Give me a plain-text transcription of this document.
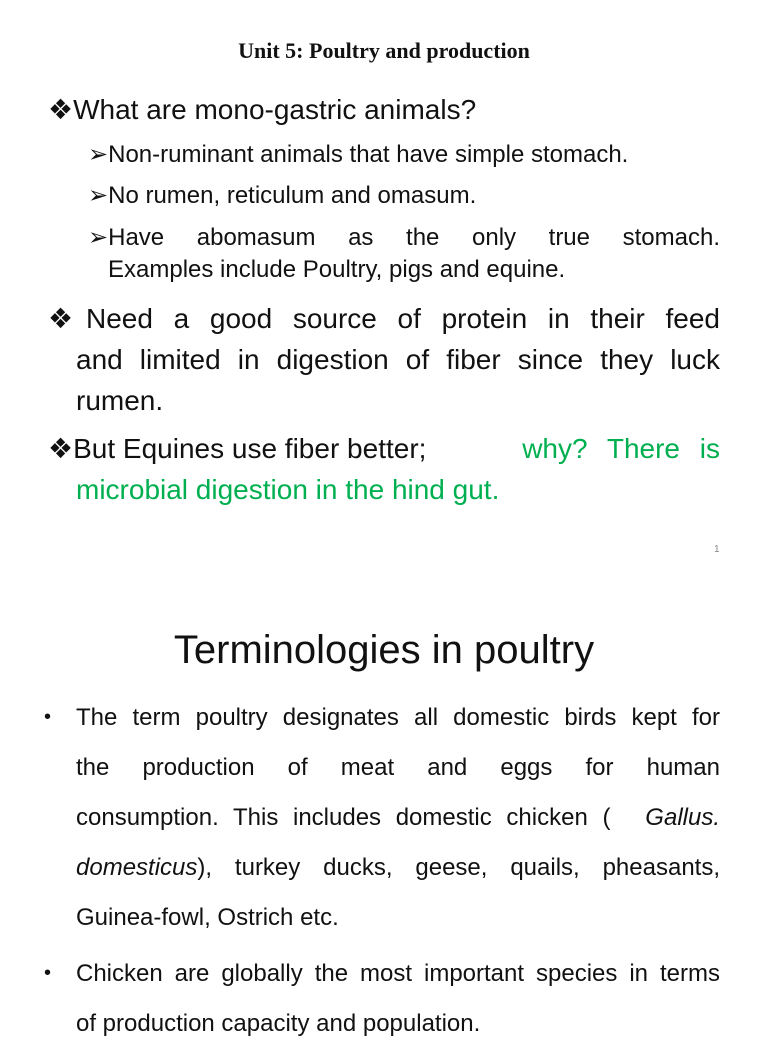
Unit 5: Poultry and production
❖What are mono-gastric animals?
➢Non-ruminant animals that have simple stomach.
➢No rumen, reticulum and omasum.
➢Have abomasum as the only true stomach.
Examples include Poultry, pigs and equine.
❖Need a good source of protein in their feed
and limited in digestion of fiber since they luck
rumen.
❖But Equines use fiber better;	why? There is
microbial digestion in the hind gut.
1
Terminologies in poultry
• The term poultry designates all domestic birds kept for
the production of meat and eggs for human
consumption. This includes domestic chicken ( Gallus.
domesticus ), turkey ducks, geese, quails, pheasants,
Guinea-fowl, Ostrich etc.
• Chicken are globally the most important species in terms
of production capacity and population.
